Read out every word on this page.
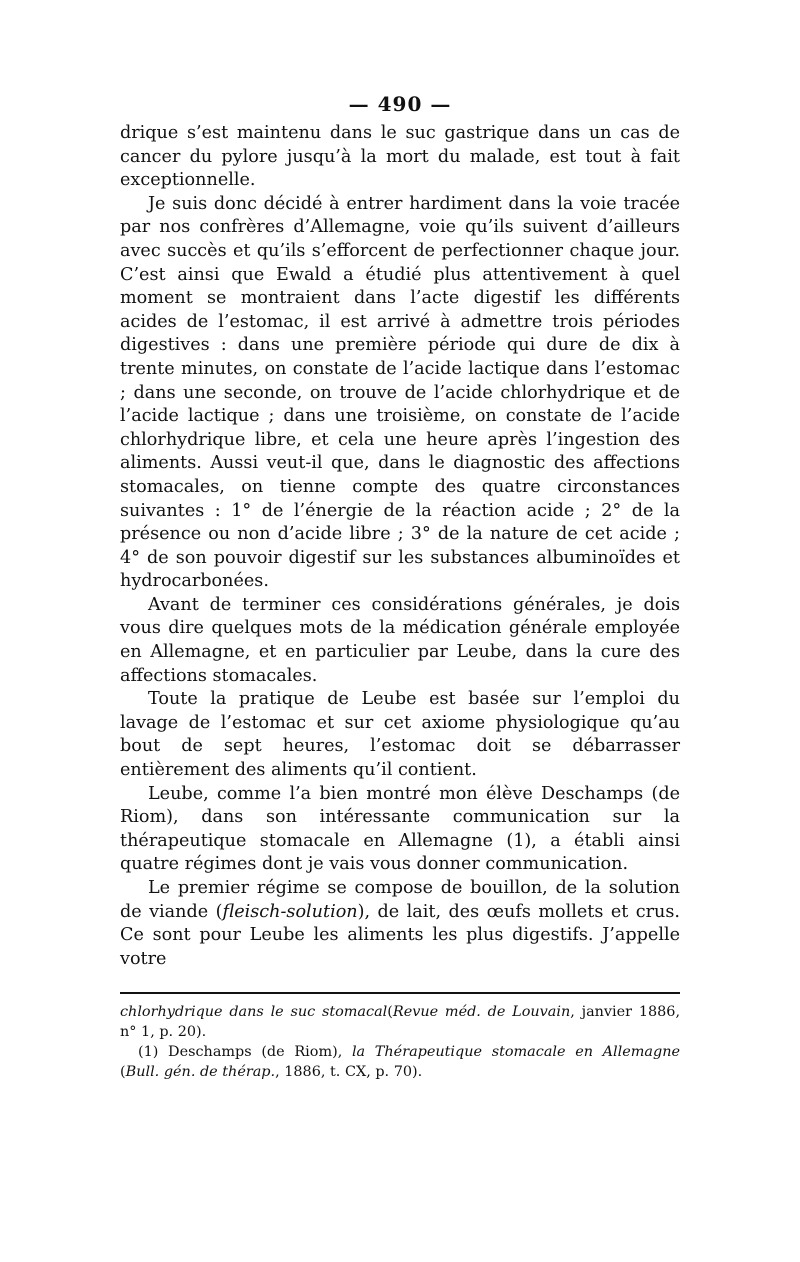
— 490 —

drique s’est maintenu dans le suc gastrique dans un cas de cancer du pylore jusqu’à la mort du malade, est tout à fait exceptionnelle.

Je suis donc décidé à entrer hardiment dans la voie tracée par nos confrères d’Allemagne, voie qu’ils suivent d’ailleurs avec succès et qu’ils s’efforcent de perfectionner chaque jour. C’est ainsi que Ewald a étudié plus attentivement à quel moment se montraient dans l’acte digestif les différents acides de l’estomac, il est arrivé à admettre trois périodes digestives : dans une première période qui dure de dix à trente minutes, on constate de l’acide lactique dans l’estomac ; dans une seconde, on trouve de l’acide chlorhydrique et de l’acide lactique ; dans une troisième, on constate de l’acide chlorhydrique libre, et cela une heure après l’ingestion des aliments. Aussi veut-il que, dans le diagnostic des affections stomacales, on tienne compte des quatre circonstances suivantes : 1° de l’énergie de la réaction acide ; 2° de la présence ou non d’acide libre ; 3° de la nature de cet acide ; 4° de son pouvoir digestif sur les substances albuminoïdes et hydrocarbonées.

Avant de terminer ces considérations générales, je dois vous dire quelques mots de la médication générale employée en Allemagne, et en particulier par Leube, dans la cure des affections stomacales.

Toute la pratique de Leube est basée sur l’emploi du lavage de l’estomac et sur cet axiome physiologique qu’au bout de sept heures, l’estomac doit se débarrasser entièrement des aliments qu’il contient.

Leube, comme l’a bien montré mon élève Deschamps (de Riom), dans son intéressante communication sur la thérapeutique stomacale en Allemagne (1), a établi ainsi quatre régimes dont je vais vous donner communication.

Le premier régime se compose de bouillon, de la solution de viande (fleisch-solution), de lait, des œufs mollets et crus. Ce sont pour Leube les aliments les plus digestifs. J’appelle votre

chlorhydrique dans le suc stomacal(Revue méd. de Louvain, janvier 1886, n° 1, p. 20).

(1) Deschamps (de Riom), la Thérapeutique stomacale en Allemagne (Bull. gén. de thérap., 1886, t. CX, p. 70).
